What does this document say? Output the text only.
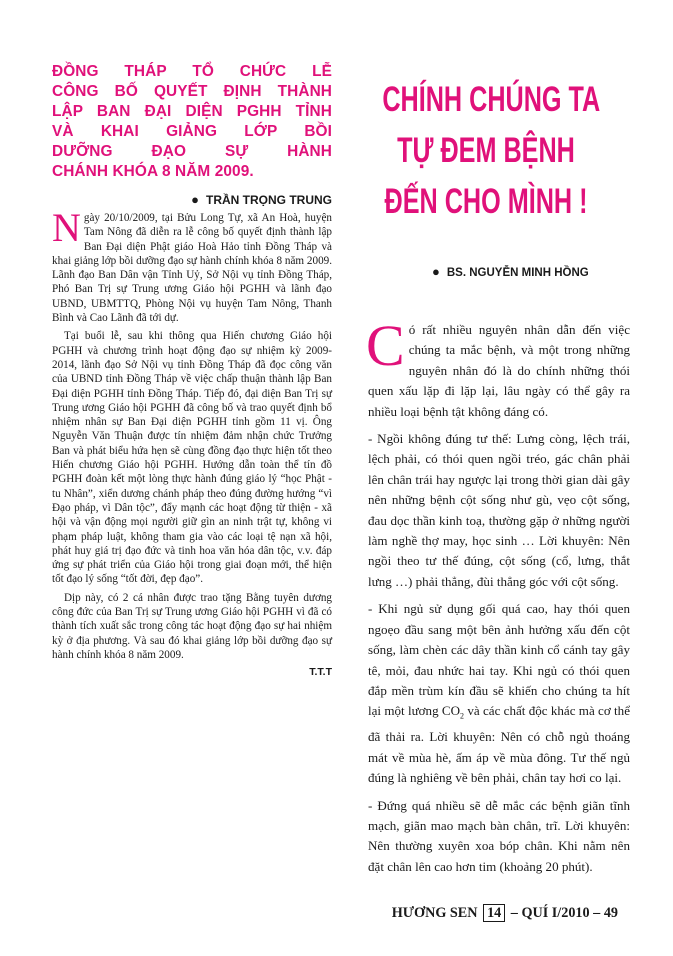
ĐỒNG THÁP TỔ CHỨC LỄ
CÔNG BỐ QUYẾT ĐỊNH THÀNH
LẬP BAN ĐẠI DIỆN PGHH TỈNH
VÀ KHAI GIẢNG LỚP BỒI
DƯỠNG ĐẠO SỰ HÀNH
CHÁNH KHÓA 8 NĂM 2009.
● TRẦN TRỌNG TRUNG

Ngày 20/10/2009, tại Bửu Long Tự, xã An Hoà, huyện Tam Nông đã diễn ra lễ công bố quyết định thành lập Ban Đại diện Phật giáo Hoà Hảo tỉnh Đồng Tháp và khai giảng lớp bồi dưỡng đạo sự hành chính khóa 8 năm 2009. Lãnh đạo Ban Dân vận Tỉnh Uỷ, Sở Nội vụ tỉnh Đồng Tháp, Phó Ban Trị sự Trung ương Giáo hội PGHH và lãnh đạo UBND, UBMTTQ, Phòng Nội vụ huyện Tam Nông, Thanh Bình và Cao Lãnh đã tới dự.

Tại buổi lễ, sau khi thông qua Hiến chương Giáo hội PGHH và chương trình hoạt động đạo sự nhiệm kỳ 2009-2014, lãnh đạo Sở Nội vụ tỉnh Đồng Tháp đã đọc công văn của UBND tỉnh Đồng Tháp về việc chấp thuận thành lập Ban Đại diện PGHH tỉnh Đồng Tháp. Tiếp đó, đại diện Ban Trị sự Trung ương Giáo hội PGHH đã công bố và trao quyết định bổ nhiệm nhân sự Ban Đại diện PGHH tỉnh gồm 11 vị. Ông Nguyễn Văn Thuận được tín nhiệm đảm nhận chức Trưởng Ban và phát biểu hứa hẹn sẽ cùng đồng đạo thực hiện tốt theo Hiến chương Giáo hội PGHH. Hướng dẫn toàn thể tín đồ PGHH đoàn kết một lòng thực hành đúng giáo lý “học Phật - tu Nhân”, xiển dương chánh pháp theo đúng đường hướng “vì Đạo pháp, vì Dân tộc”, đẩy mạnh các hoạt động từ thiện - xã hội và vận động mọi người giữ gìn an ninh trật tự, không vi phạm pháp luật, không tham gia vào các loại tệ nạn xã hội, phát huy giá trị đạo đức và tinh hoa văn hóa dân tộc, v.v. đáp ứng sự phát triển của Giáo hội trong giai đoạn mới, thể hiện tốt đạo lý sống “tốt đời, đẹp đạo”.

Dịp này, có 2 cá nhân được trao tặng Bằng tuyên dương công đức của Ban Trị sự Trung ương Giáo hội PGHH vì đã có thành tích xuất sắc trong công tác hoạt động đạo sự hai nhiệm kỳ ở địa phương. Và sau đó khai giảng lớp bồi dưỡng đạo sự hành chính khóa 8 năm 2009.

T.T.T
CHÍNH CHÚNG TA
TỰ ĐEM BỆNH
ĐẾN CHO MÌNH !
● BS. NGUYỄN MINH HỒNG

Có rất nhiều nguyên nhân dẫn đến việc chúng ta mắc bệnh, và một trong những nguyên nhân đó là do chính những thói quen xấu lặp đi lặp lại, lâu ngày có thể gây ra nhiều loại bệnh tật không đáng có.

- Ngồi không đúng tư thế: Lưng còng, lệch trái, lệch phải, có thói quen ngồi tréo, gác chân phải lên chân trái hay ngược lại trong thời gian dài gây nên những bệnh cột sống như gù, vẹo cột sống, đau dọc thần kinh toạ, thường gặp ở những người làm nghề thợ may, học sinh … Lời khuyên: Nên ngồi theo tư thế đúng, cột sống (cổ, lưng, thắt lưng …) phải thẳng, đùi thẳng góc với cột sống.

- Khi ngủ sử dụng gối quá cao, hay thói quen ngoẹo đầu sang một bên ảnh hưởng xấu đến cột sống, làm chèn các dây thần kinh cổ cánh tay gây tê, mỏi, đau nhức hai tay. Khi ngủ có thói quen đắp mền trùm kín đầu sẽ khiến cho chúng ta hít lại một lương $CO_2$ và các chất độc khác mà cơ thể đã thải ra. Lời khuyên: Nên có chỗ ngủ thoáng mát về mùa hè, ấm áp về mùa đông. Tư thế ngủ đúng là nghiêng về bên phải, chân tay hơi co lại.

- Đứng quá nhiều sẽ dễ mắc các bệnh giãn tĩnh mạch, giãn mao mạch bàn chân, trĩ. Lời khuyên: Nên thường xuyên xoa bóp chân. Khi nằm nên đặt chân lên cao hơn tim (khoảng 20 phút).

HƯƠNG SEN 14 – QUÍ I/2010 – 49
